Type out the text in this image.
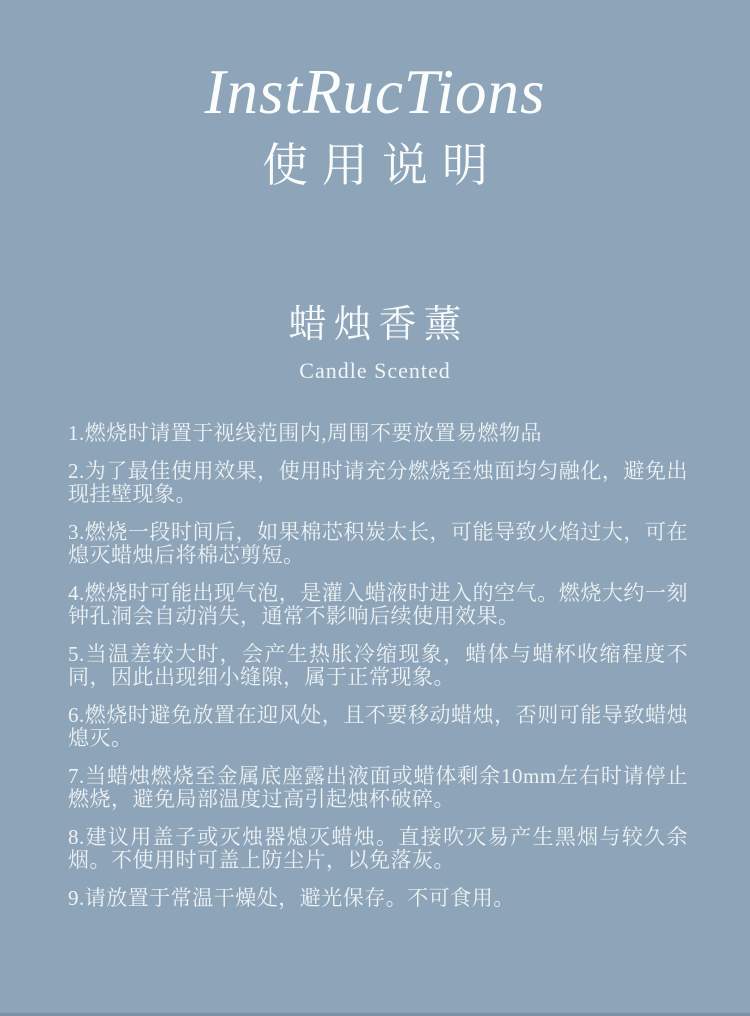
InstRucTions
使用说明
蜡烛香薰
Candle Scented

1.燃烧时请置于视线范围内,周围不要放置易燃物品

2.为了最佳使用效果，使用时请充分燃烧至烛面均匀融化，避免出现挂壁现象。

3.燃烧一段时间后，如果棉芯积炭太长，可能导致火焰过大，可在熄灭蜡烛后将棉芯剪短。

4.燃烧时可能出现气泡，是灌入蜡液时进入的空气。燃烧大约一刻钟孔洞会自动消失，通常不影响后续使用效果。

5.当温差较大时，会产生热胀冷缩现象，蜡体与蜡杯收缩程度不同，因此出现细小缝隙，属于正常现象。

6.燃烧时避免放置在迎风处，且不要移动蜡烛，否则可能导致蜡烛熄灭。

7.当蜡烛燃烧至金属底座露出液面或蜡体剩余10mm左右时请停止燃烧，避免局部温度过高引起烛杯破碎。

8.建议用盖子或灭烛器熄灭蜡烛。直接吹灭易产生黑烟与较久余烟。不使用时可盖上防尘片，以免落灰。

9.请放置于常温干燥处，避光保存。不可食用。
